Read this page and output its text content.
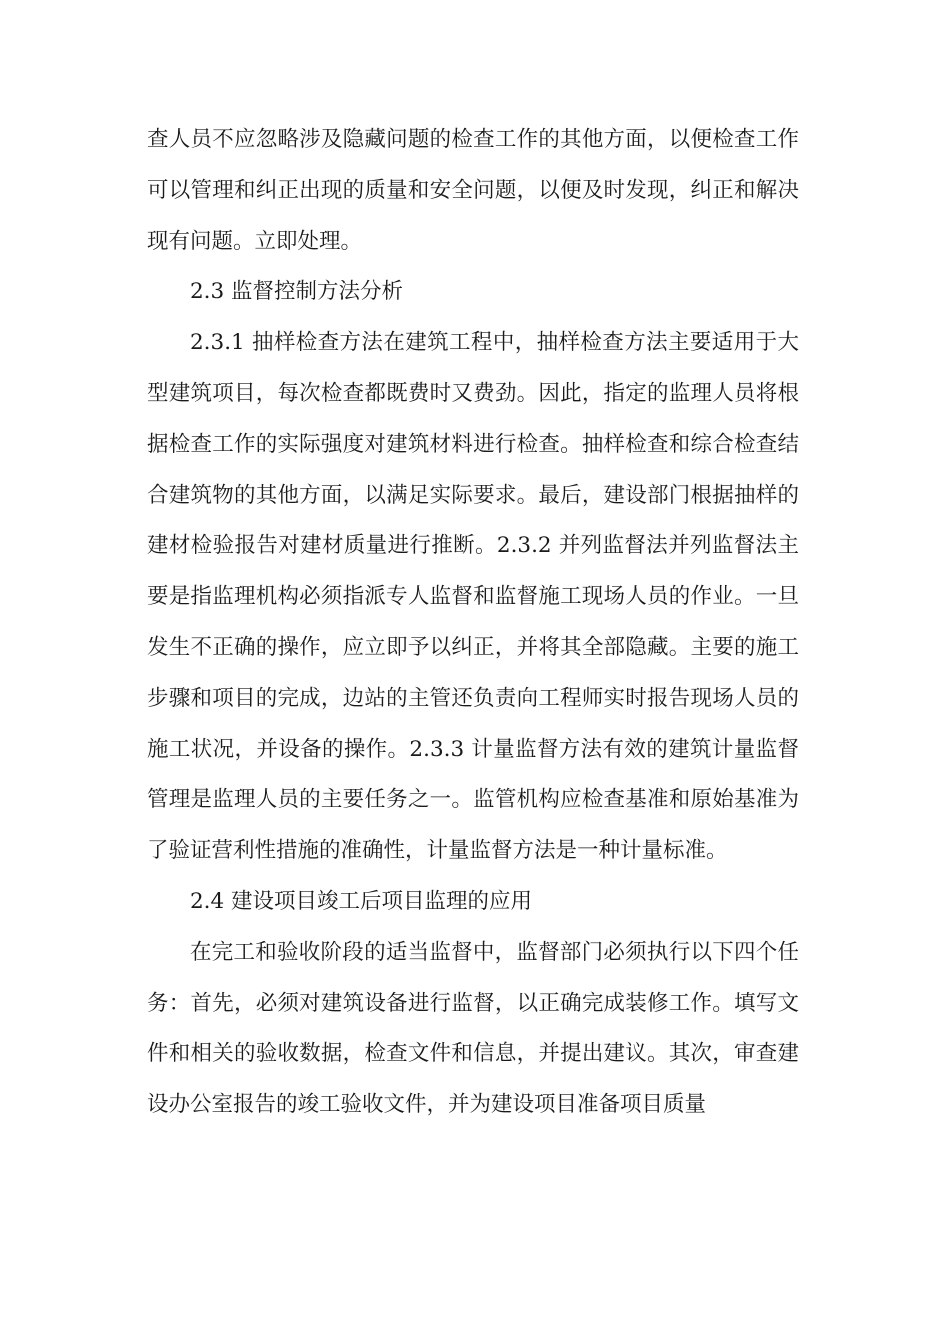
查人员不应忽略涉及隐藏问题的检查工作的其他方面，以便检查工作可以管理和纠正出现的质量和安全问题，以便及时发现，纠正和解决现有问题。立即处理。

2.3 监督控制方法分析

2.3.1 抽样检查方法在建筑工程中，抽样检查方法主要适用于大型建筑项目，每次检查都既费时又费劲。因此，指定的监理人员将根据检查工作的实际强度对建筑材料进行检查。抽样检查和综合检查结合建筑物的其他方面，以满足实际要求。最后，建设部门根据抽样的建材检验报告对建材质量进行推断。2.3.2 并列监督法并列监督法主要是指监理机构必须指派专人监督和监督施工现场人员的作业。一旦发生不正确的操作，应立即予以纠正，并将其全部隐藏。主要的施工步骤和项目的完成，边站的主管还负责向工程师实时报告现场人员的施工状况，并设备的操作。2.3.3 计量监督方法有效的建筑计量监督管理是监理人员的主要任务之一。监管机构应检查基准和原始基准为了验证营利性措施的准确性，计量监督方法是一种计量标准。

2.4 建设项目竣工后项目监理的应用

在完工和验收阶段的适当监督中，监督部门必须执行以下四个任务：首先，必须对建筑设备进行监督，以正确完成装修工作。填写文件和相关的验收数据，检查文件和信息，并提出建议。其次，审查建设办公室报告的竣工验收文件，并为建设项目准备项目质量
